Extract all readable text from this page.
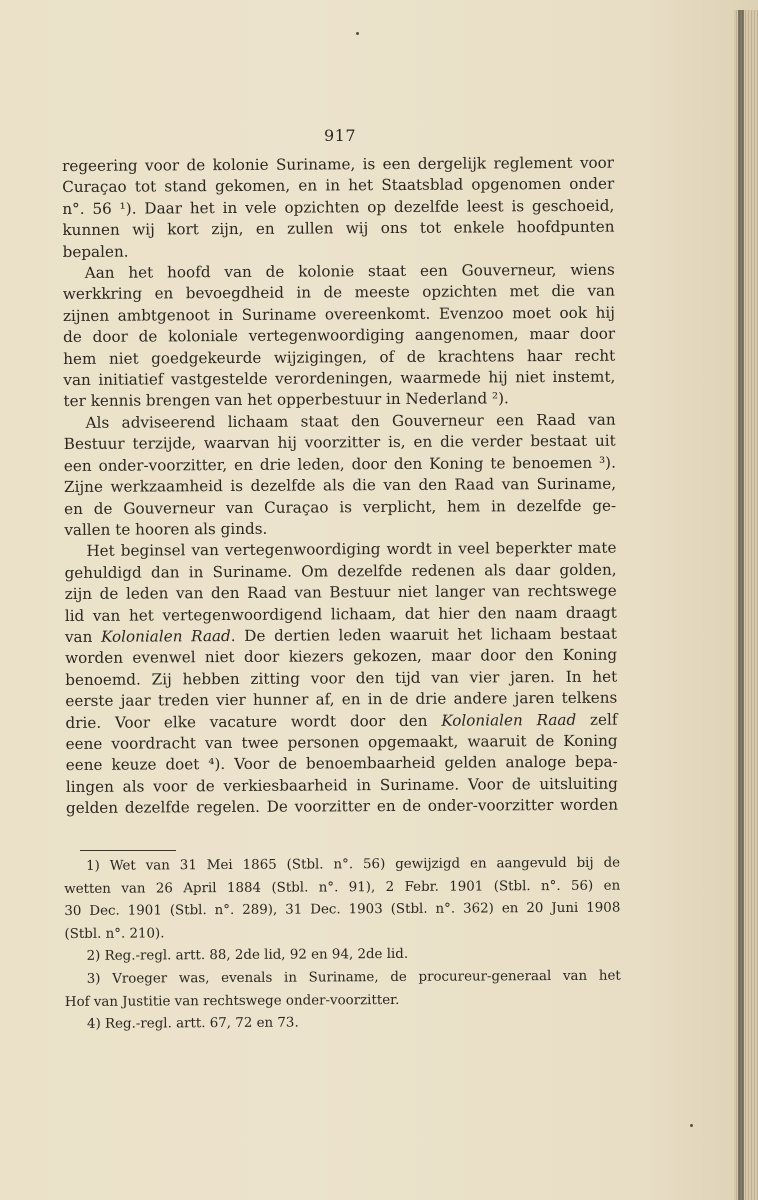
917
regeering voor de kolonie Suriname, is een dergelijk reglement voor
Curaçao tot stand gekomen, en in het Staatsblad opgenomen onder
n°. 56 ¹). Daar het in vele opzichten op dezelfde leest is geschoeid,
kunnen wij kort zijn, en zullen wij ons tot enkele hoofdpunten
bepalen.
Aan het hoofd van de kolonie staat een Gouverneur, wiens
werkkring en bevoegdheid in de meeste opzichten met die van
zijnen ambtgenoot in Suriname overeenkomt. Evenzoo moet ook hij
de door de koloniale vertegenwoordiging aangenomen, maar door
hem niet goedgekeurde wijzigingen, of de krachtens haar recht
van initiatief vastgestelde verordeningen, waarmede hij niet instemt,
ter kennis brengen van het opperbestuur in Nederland ²).
Als adviseerend lichaam staat den Gouverneur een Raad van
Bestuur terzijde, waarvan hij voorzitter is, en die verder bestaat uit
een onder-voorzitter, en drie leden, door den Koning te benoemen ³).
Zijne werkzaamheid is dezelfde als die van den Raad van Suriname,
en de Gouverneur van Curaçao is verplicht, hem in dezelfde ge-
vallen te hooren als ginds.
Het beginsel van vertegenwoordiging wordt in veel beperkter mate
gehuldigd dan in Suriname. Om dezelfde redenen als daar golden,
zijn de leden van den Raad van Bestuur niet langer van rechtswege
lid van het vertegenwoordigend lichaam, dat hier den naam draagt
van Kolonialen Raad. De dertien leden waaruit het lichaam bestaat
worden evenwel niet door kiezers gekozen, maar door den Koning
benoemd. Zij hebben zitting voor den tijd van vier jaren. In het
eerste jaar treden vier hunner af, en in de drie andere jaren telkens
drie. Voor elke vacature wordt door den Kolonialen Raad zelf
eene voordracht van twee personen opgemaakt, waaruit de Koning
eene keuze doet ⁴). Voor de benoembaarheid gelden analoge bepa-
lingen als voor de verkiesbaarheid in Suriname. Voor de uitsluiting
gelden dezelfde regelen. De voorzitter en de onder-voorzitter worden
1) Wet van 31 Mei 1865 (Stbl. n°. 56) gewijzigd en aangevuld bij de
wetten van 26 April 1884 (Stbl. n°. 91), 2 Febr. 1901 (Stbl. n°. 56) en
30 Dec. 1901 (Stbl. n°. 289), 31 Dec. 1903 (Stbl. n°. 362) en 20 Juni 1908
(Stbl. n°. 210).
2) Reg.-regl. artt. 88, 2de lid, 92 en 94, 2de lid.
3) Vroeger was, evenals in Suriname, de procureur-generaal van het
Hof van Justitie van rechtswege onder-voorzitter.
4) Reg.-regl. artt. 67, 72 en 73.
